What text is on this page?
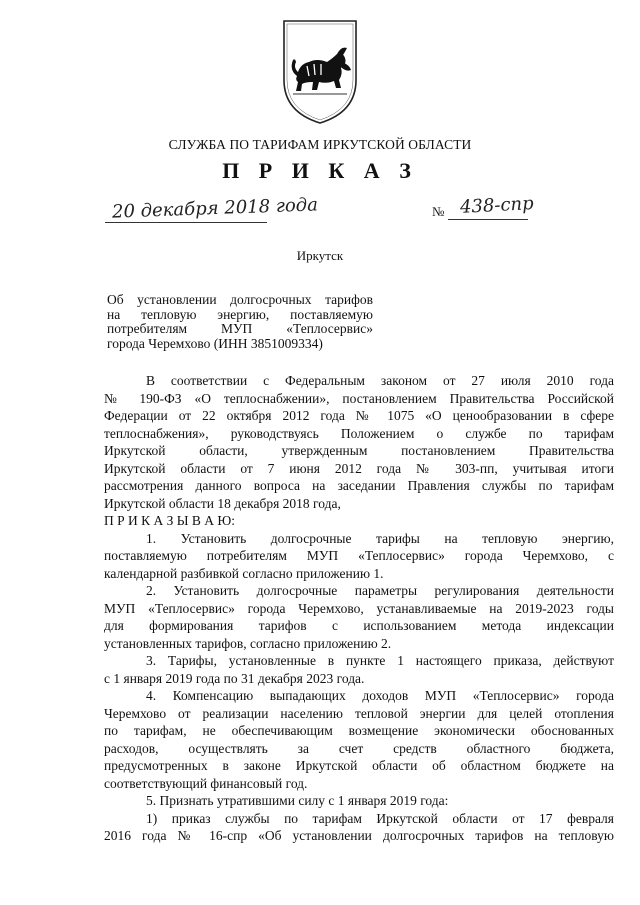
СЛУЖБА ПО ТАРИФАМ ИРКУТСКОЙ ОБЛАСТИ
П Р И К А З
20 декабря 2018 года	№ 438-спр
Иркутск
Об установлении долгосрочных тарифов
на тепловую энергию, поставляемую
потребителям МУП «Теплосервис»
города Черемхово (ИНН 3851009334)
В соответствии с Федеральным законом от 27 июля 2010 года
№ 190-ФЗ «О теплоснабжении», постановлением Правительства Российской
Федерации от 22 октября 2012 года № 1075 «О ценообразовании в сфере
теплоснабжения», руководствуясь Положением о службе по тарифам
Иркутской области, утвержденным постановлением Правительства
Иркутской области от 7 июня 2012 года № 303-пп, учитывая итоги
рассмотрения данного вопроса на заседании Правления службы по тарифам
Иркутской области 18 декабря 2018 года,
П Р И К А З Ы В А Ю:
1. Установить долгосрочные тарифы на тепловую энергию,
поставляемую потребителям МУП «Теплосервис» города Черемхово, с
календарной разбивкой согласно приложению 1.
2. Установить долгосрочные параметры регулирования деятельности
МУП «Теплосервис» города Черемхово, устанавливаемые на 2019-2023 годы
для формирования тарифов с использованием метода индексации
установленных тарифов, согласно приложению 2.
3. Тарифы, установленные в пункте 1 настоящего приказа, действуют
с 1 января 2019 года по 31 декабря 2023 года.
4. Компенсацию выпадающих доходов МУП «Теплосервис» города
Черемхово от реализации населению тепловой энергии для целей отопления
по тарифам, не обеспечивающим возмещение экономически обоснованных
расходов, осуществлять за счет средств областного бюджета,
предусмотренных в законе Иркутской области об областном бюджете на
соответствующий финансовый год.
5. Признать утратившими силу с 1 января 2019 года:
1) приказ службы по тарифам Иркутской области от 17 февраля
2016 года № 16-спр «Об установлении долгосрочных тарифов на тепловую
